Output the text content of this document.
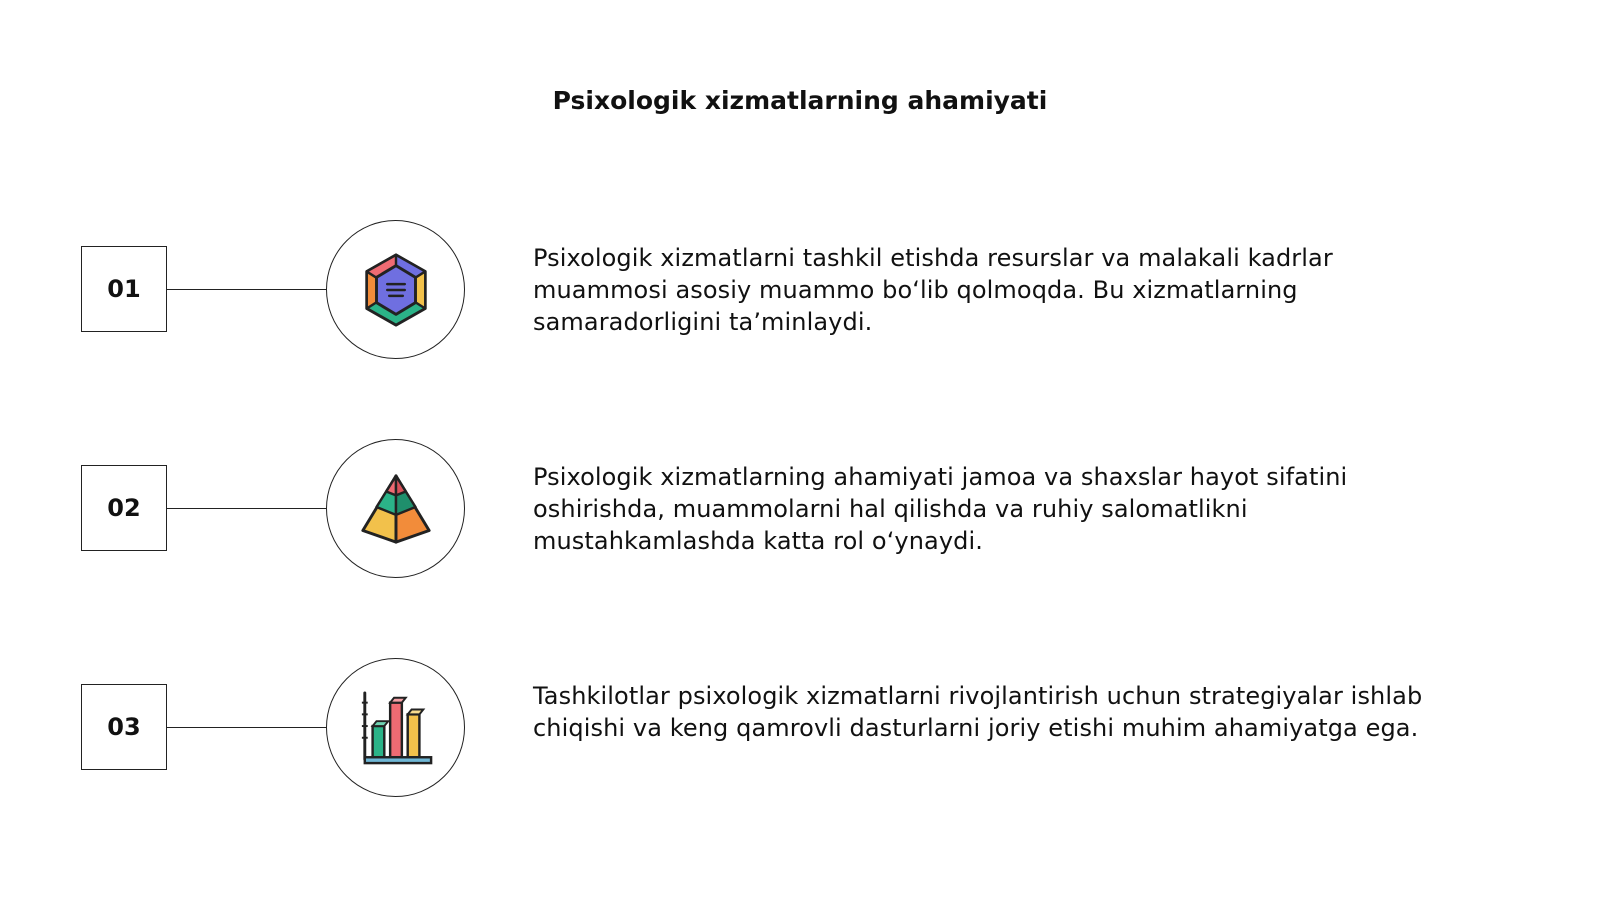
Psixologik xizmatlarning ahamiyati
01
Psixologik xizmatlarni tashkil etishda resurslar va malakali kadrlar muammosi asosiy muammo bo‘lib qolmoqda. Bu xizmatlarning samaradorligini ta’minlaydi.
02
Psixologik xizmatlarning ahamiyati jamoa va shaxslar hayot sifatini oshirishda, muammolarni hal qilishda va ruhiy salomatlikni mustahkamlashda katta rol o‘ynaydi.
03
Tashkilotlar psixologik xizmatlarni rivojlantirish uchun strategiyalar ishlab chiqishi va keng qamrovli dasturlarni joriy etishi muhim ahamiyatga ega.
